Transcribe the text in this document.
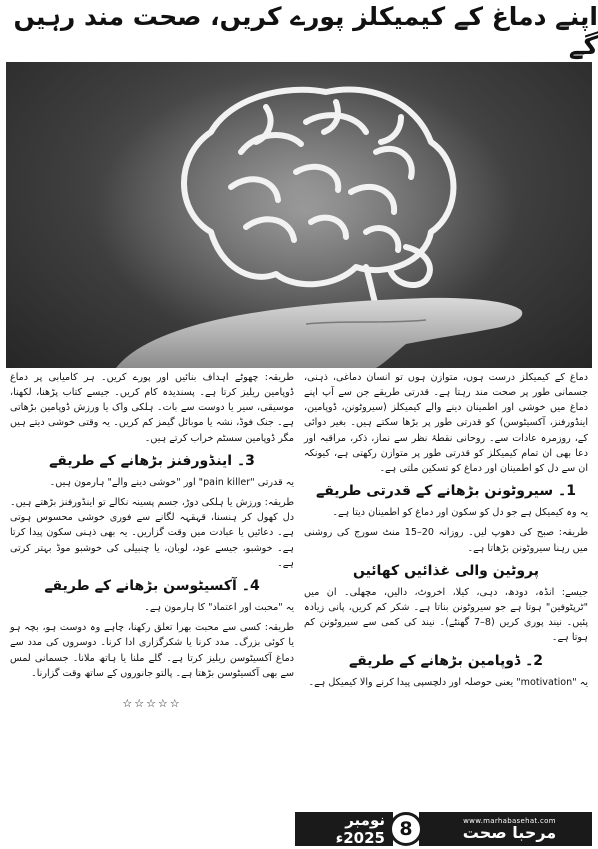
اپنے دماغ کے کیمیکلز پورے کریں، صحت مند رہیں گے

دماغ کے کیمیکلز درست ہوں، متوازن ہوں تو انسان دماغی، ذہنی، جسمانی طور پر صحت مند رہتا ہے۔ قدرتی طریقے جن سے آپ اپنے دماغ میں خوشی اور اطمینان دینے والے کیمیکلز (سیروٹونن، ڈوپامین، اینڈورفنز، آکسیٹوسن) کو قدرتی طور پر بڑھا سکتے ہیں۔ بغیر دوائی کے، روزمرہ عادات سے۔ روحانی نقطۂ نظر سے نماز، ذکر، مراقبہ اور دعا بھی ان تمام کیمیکلز کو قدرتی طور پر متوازن رکھتی ہے، کیونکہ ان سے دل کو اطمینان اور دماغ کو تسکین ملتی ہے۔

1۔ سیروٹونن بڑھانے کے قدرتی طریقے

یہ وہ کیمیکل ہے جو دل کو سکون اور دماغ کو اطمینان دیتا ہے۔

طریقہ: صبح کی دھوپ لیں۔ روزانہ 20–15 منٹ سورج کی روشنی میں رہنا سیروٹونن بڑھاتا ہے۔

پروٹین والی غذائیں کھائیں

جیسے: انڈہ، دودھ، دہی، کیلا، اخروٹ، دالیں، مچھلی۔ ان میں "ٹرپٹوفین" ہوتا ہے جو سیروٹونن بناتا ہے۔ شکر کم کریں، پانی زیادہ پئیں۔ نیند پوری کریں (8–7 گھنٹے)۔ نیند کی کمی سے سیروٹونن کم ہوتا ہے۔

2۔ ڈوپامین بڑھانے کے طریقے

یہ "motivation" یعنی حوصلہ اور دلچسپی پیدا کرنے والا کیمیکل ہے۔

طریقہ: چھوٹے اہداف بنائیں اور پورے کریں۔ ہر کامیابی پر دماغ ڈوپامین ریلیز کرتا ہے۔ پسندیدہ کام کریں۔ جیسے کتاب پڑھنا، لکھنا، موسیقی، سیر یا دوست سے بات۔ ہلکی واک یا ورزش ڈوپامین بڑھاتی ہے۔ جنک فوڈ، نشہ یا موبائل گیمز کم کریں۔ یہ وقتی خوشی دیتے ہیں مگر ڈوپامین سسٹم خراب کرتے ہیں۔

3۔ اینڈورفنز بڑھانے کے طریقے

یہ قدرتی "pain killer" اور "خوشی دینے والے" ہارمون ہیں۔

طریقہ: ورزش یا ہلکی دوڑ، جسم پسینہ نکالے تو اینڈورفنز بڑھتے ہیں۔ دل کھول کر ہنسنا، قہقہہ لگانے سے فوری خوشی محسوس ہوتی ہے۔ دعائیں یا عبادت میں وقت گزاریں۔ یہ بھی ذہنی سکون پیدا کرتا ہے۔ خوشبو، جیسے عود، لوبان، یا چنبیلی کی خوشبو موڈ بہتر کرتی ہے۔

4۔ آکسیٹوسن بڑھانے کے طریقے

یہ "محبت اور اعتماد" کا ہارمون ہے۔

طریقہ: کسی سے محبت بھرا تعلق رکھنا، چاہے وہ دوست ہو، بچہ ہو یا کوئی بزرگ۔ مدد کرنا یا شکرگزاری ادا کرنا۔ دوسروں کی مدد سے دماغ آکسیٹوسن ریلیز کرتا ہے۔ گلے ملنا یا ہاتھ ملانا۔ جسمانی لمس سے بھی آکسیٹوسن بڑھتا ہے۔ پالتو جانوروں کے ساتھ وقت گزارنا۔

☆☆☆☆☆
نومبر 2025ء 8	www.marhabasehat.com
مرحبا صحت
